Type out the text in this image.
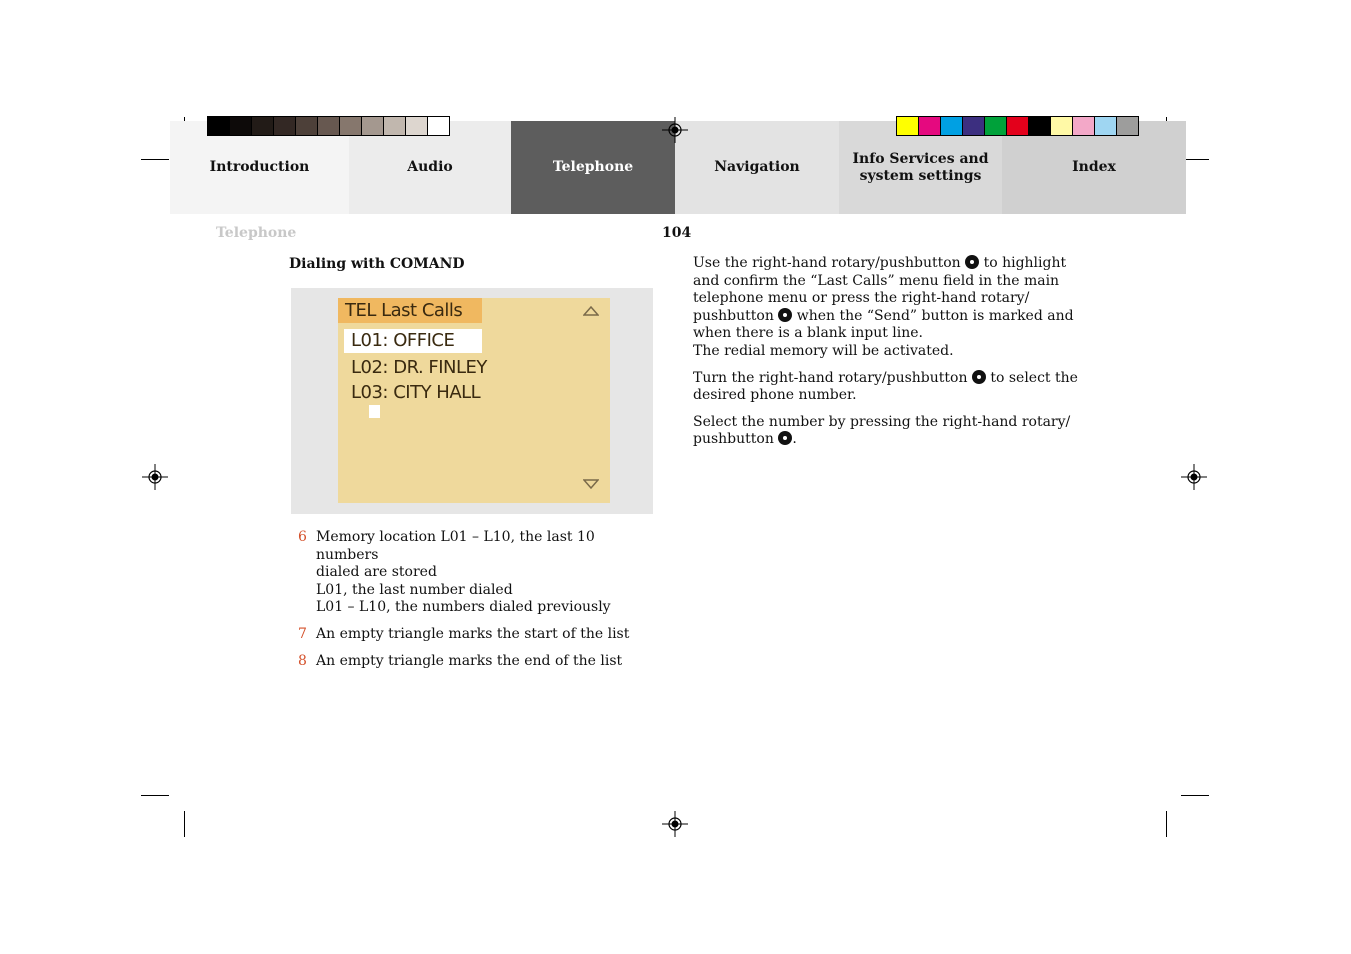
Introduction	Audio	Telephone	Navigation
Info Services and
system settings
Index
Telephone	104
Dialing with COMAND
TEL Last Calls
L01: OFFICE
L02: DR. FINLEY
L03: CITY HALL
6 Memory location L01 – L10, the last 10 numbers
dialed are stored
L01, the last number dialed
L01 – L10, the numbers dialed previously
7 An empty triangle marks the start of the list
8 An empty triangle marks the end of the list
Use the right-hand rotary/pushbutton  to highlight
and confirm the “Last Calls” menu field in the main
telephone menu or press the right-hand rotary/
pushbutton  when the “Send” button is marked and
when there is a blank input line.
The redial memory will be activated.
Turn the right-hand rotary/pushbutton  to select the
desired phone number.
Select the number by pressing the right-hand rotary/
pushbutton .
